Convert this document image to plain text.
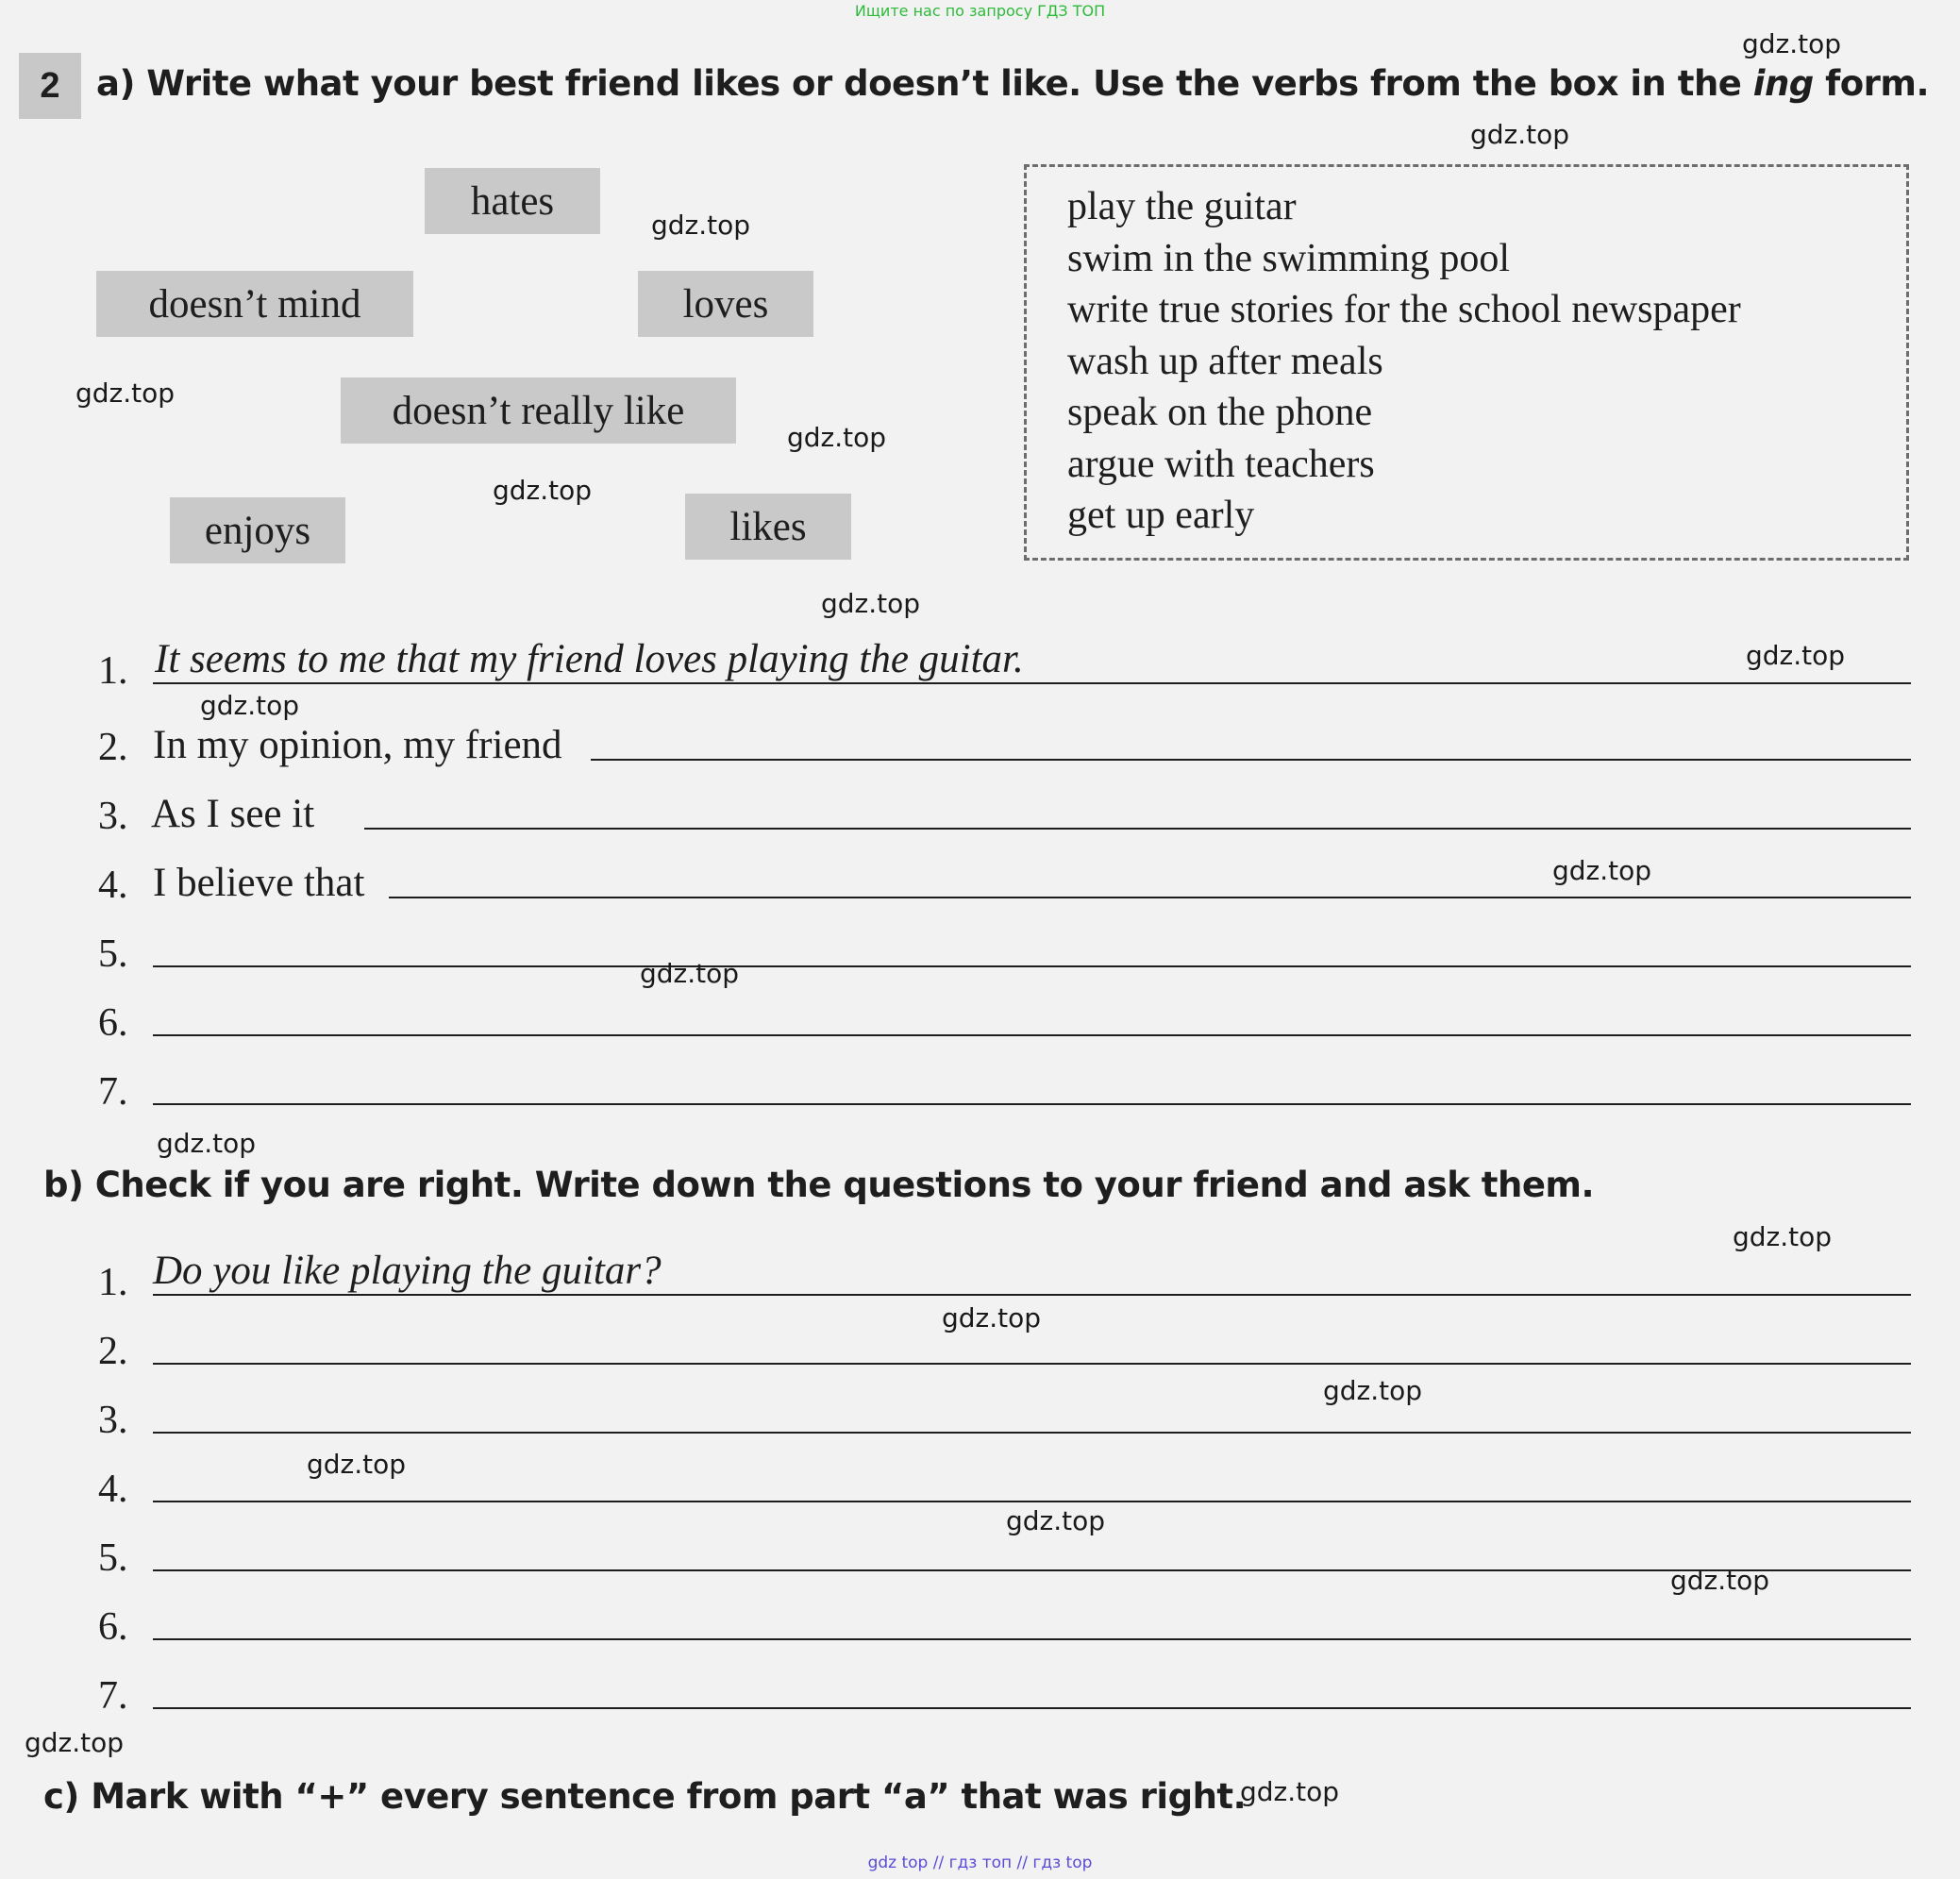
Ищите нас по запросу ГДЗ ТОП
2	a) Write what your best friend likes or doesn’t like. Use the verbs from the box in the ing form.
hates
doesn’t mind	loves
doesn’t really like
enjoys	likes
play the guitar
swim in the swimming pool
write true stories for the school newspaper
wash up after meals
speak on the phone
argue with teachers
get up early
1. It seems to me that my friend loves playing the guitar.
2. In my opinion, my friend
3. As I see it
4. I believe that
5.
6.
7.
b) Check if you are right. Write down the questions to your friend and ask them.
1. Do you like playing the guitar?
2.
3.
4.
5.
6.
7.
c) Mark with “+” every sentence from part “a” that was right.
gdz.top
gdz.top
gdz.top
gdz.top
gdz.top
gdz.top
gdz.top
gdz.top
gdz.top
gdz.top
gdz.top
gdz.top
gdz.top
gdz.top
gdz.top
gdz.top
gdz.top
gdz.top
gdz.top
gdz.top
gdz top // гдз топ // гдз top
